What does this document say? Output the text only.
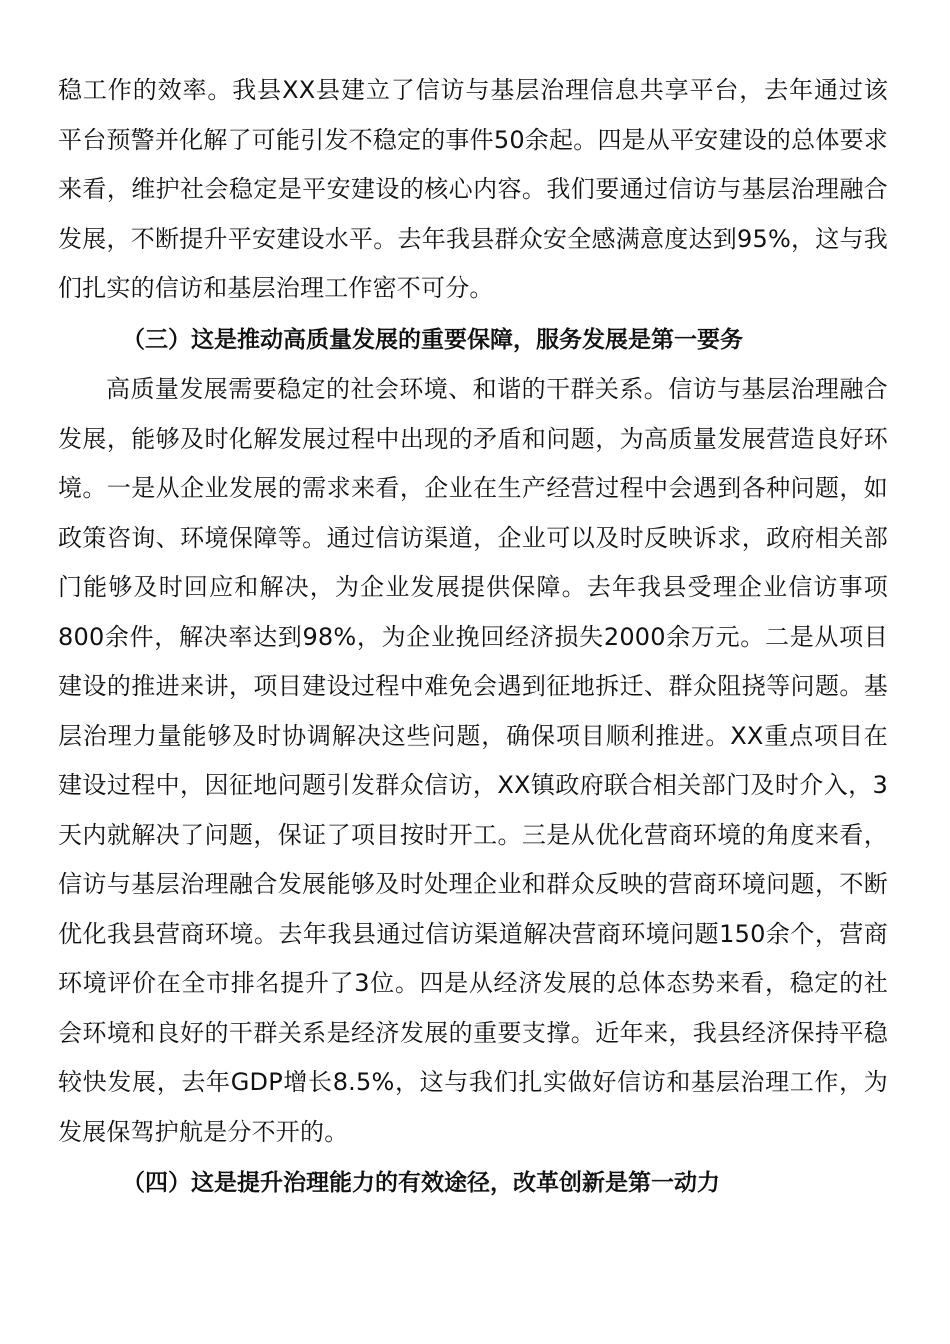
稳工作的效率。我县XX县建立了信访与基层治理信息共享平台，去年通过该平台预警并化解了可能引发不稳定的事件50余起。四是从平安建设的总体要求来看，维护社会稳定是平安建设的核心内容。我们要通过信访与基层治理融合发展，不断提升平安建设水平。去年我县群众安全感满意度达到95%，这与我们扎实的信访和基层治理工作密不可分。

（三）这是推动高质量发展的重要保障，服务发展是第一要务

高质量发展需要稳定的社会环境、和谐的干群关系。信访与基层治理融合发展，能够及时化解发展过程中出现的矛盾和问题，为高质量发展营造良好环境。一是从企业发展的需求来看，企业在生产经营过程中会遇到各种问题，如政策咨询、环境保障等。通过信访渠道，企业可以及时反映诉求，政府相关部门能够及时回应和解决，为企业发展提供保障。去年我县受理企业信访事项800余件，解决率达到98%，为企业挽回经济损失2000余万元。二是从项目建设的推进来讲，项目建设过程中难免会遇到征地拆迁、群众阻挠等问题。基层治理力量能够及时协调解决这些问题，确保项目顺利推进。XX重点项目在建设过程中，因征地问题引发群众信访，XX镇政府联合相关部门及时介入，3天内就解决了问题，保证了项目按时开工。三是从优化营商环境的角度来看，信访与基层治理融合发展能够及时处理企业和群众反映的营商环境问题，不断优化我县营商环境。去年我县通过信访渠道解决营商环境问题150余个，营商环境评价在全市排名提升了3位。四是从经济发展的总体态势来看，稳定的社会环境和良好的干群关系是经济发展的重要支撑。近年来，我县经济保持平稳较快发展，去年GDP增长8.5%，这与我们扎实做好信访和基层治理工作，为发展保驾护航是分不开的。

（四）这是提升治理能力的有效途径，改革创新是第一动力
